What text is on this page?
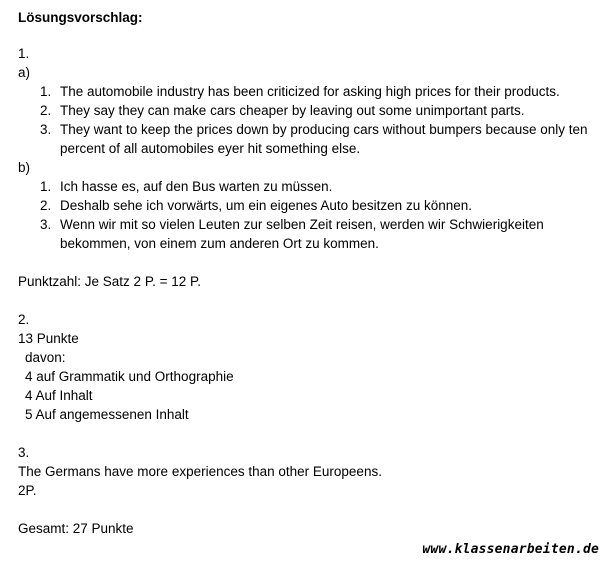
Lösungsvorschlag:
1.
a)
1. The automobile industry has been criticized for asking high prices for their products.
2. They say they can make cars cheaper by leaving out some unimportant parts.
3. They want to keep the prices down by producing cars without bumpers because only ten percent of all automobiles eyer hit something else.
b)
1. Ich hasse es, auf den Bus warten zu müssen.
2. Deshalb sehe ich vorwärts, um ein eigenes Auto besitzen zu können.
3. Wenn wir mit so vielen Leuten zur selben Zeit reisen, werden wir Schwierigkeiten bekommen, von einem zum anderen Ort zu kommen.
Punktzahl: Je Satz 2 P. = 12 P.
2.
13 Punkte
davon:
4 auf Grammatik und Orthographie
4 Auf Inhalt
5 Auf angemessenen Inhalt
3.
The Germans have more experiences than other Europeens.
2P.
Gesamt: 27 Punkte
www.klassenarbeiten.de
